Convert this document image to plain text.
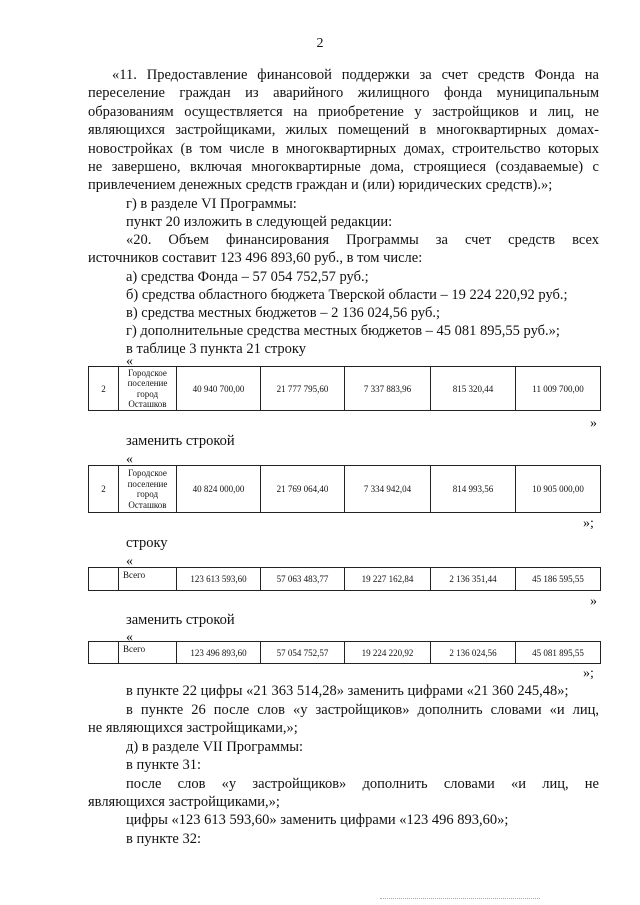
2
«11. Предоставление финансовой поддержки за счет средств Фонда на
переселение граждан из аварийного жилищного фонда муниципальным
образованиям осуществляется на приобретение у застройщиков и лиц, не
являющихся застройщиками, жилых помещений в многоквартирных домах-
новостройках (в том числе в многоквартирных домах, строительство которых
не завершено, включая многоквартирные дома, строящиеся (создаваемые) с
привлечением денежных средств граждан и (или) юридических средств).»;
г) в разделе VI Программы:
пункт 20 изложить в следующей редакции:
«20. Объем финансирования Программы за счет средств всех
источников составит 123 496 893,60 руб., в том числе:
а) средства Фонда – 57 054 752,57 руб.;
б) средства областного бюджета Тверской области – 19 224 220,92 руб.;
в) средства местных бюджетов – 2 136 024,56 руб.;
г) дополнительные средства местных бюджетов – 45 081 895,55 руб.»;
в таблице 3 пункта 21 строку
«
2	
Городское
поселение
город
Осташков
	40 940 700,00	21 777 795,60	7 337 883,96	815 320,44	11 009 700,00
»
заменить строкой
«
2	
Городское
поселение
город
Осташков
	40 824 000,00	21 769 064,40	7 334 942,04	814 993,56	10 905 000,00
»;
строку
«
	Всего	123 613 593,60	57 063 483,77	19 227 162,84	2 136 351,44	45 186 595,55
»
заменить строкой
«
	Всего	123 496 893,60	57 054 752,57	19 224 220,92	2 136 024,56	45 081 895,55
»;
в пункте 22 цифры «21 363 514,28» заменить цифрами «21 360 245,48»;
в пункте 26 после слов «у застройщиков» дополнить словами «и лиц,
не являющихся застройщиками,»;
д) в разделе VII Программы:
в пункте 31:
после слов «у застройщиков» дополнить словами «и лиц, не
являющихся застройщиками,»;
цифры «123 613 593,60» заменить цифрами «123 496 893,60»;
в пункте 32:
